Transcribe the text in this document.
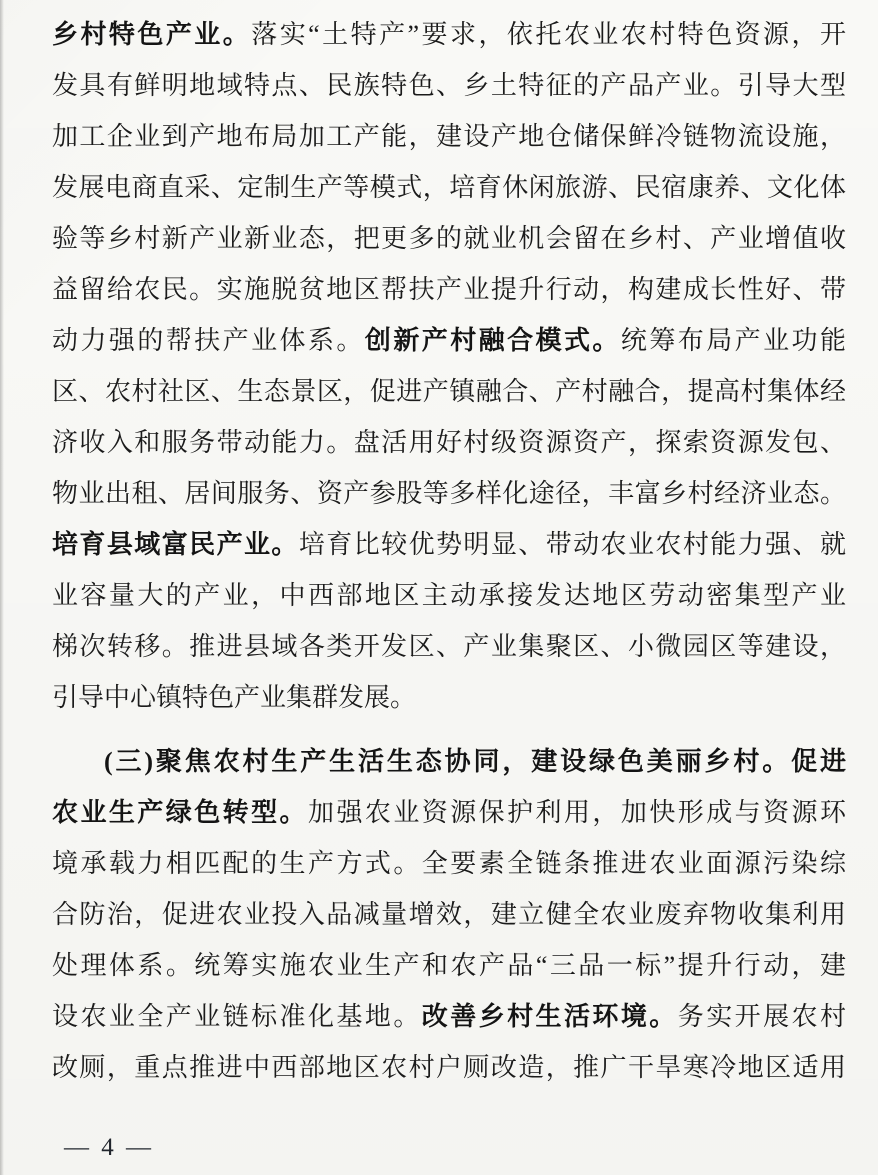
乡村特色产业。落实“土特产”要求，依托农业农村特色资源，开
发具有鲜明地域特点、民族特色、乡土特征的产品产业。引导大型
加工企业到产地布局加工产能，建设产地仓储保鲜冷链物流设施，
发展电商直采、定制生产等模式，培育休闲旅游、民宿康养、文化体
验等乡村新产业新业态，把更多的就业机会留在乡村、产业增值收
益留给农民。实施脱贫地区帮扶产业提升行动，构建成长性好、带
动力强的帮扶产业体系。创新产村融合模式。统筹布局产业功能
区、农村社区、生态景区，促进产镇融合、产村融合，提高村集体经
济收入和服务带动能力。盘活用好村级资源资产，探索资源发包、
物业出租、居间服务、资产参股等多样化途径，丰富乡村经济业态。
培育县域富民产业。培育比较优势明显、带动农业农村能力强、就
业容量大的产业，中西部地区主动承接发达地区劳动密集型产业
梯次转移。推进县域各类开发区、产业集聚区、小微园区等建设，
引导中心镇特色产业集群发展。
(三)聚焦农村生产生活生态协同，建设绿色美丽乡村。促进
农业生产绿色转型。加强农业资源保护利用，加快形成与资源环
境承载力相匹配的生产方式。全要素全链条推进农业面源污染综
合防治，促进农业投入品减量增效，建立健全农业废弃物收集利用
处理体系。统筹实施农业生产和农产品“三品一标”提升行动，建
设农业全产业链标准化基地。改善乡村生活环境。务实开展农村
改厕，重点推进中西部地区农村户厕改造，推广干旱寒冷地区适用
— 4 —
